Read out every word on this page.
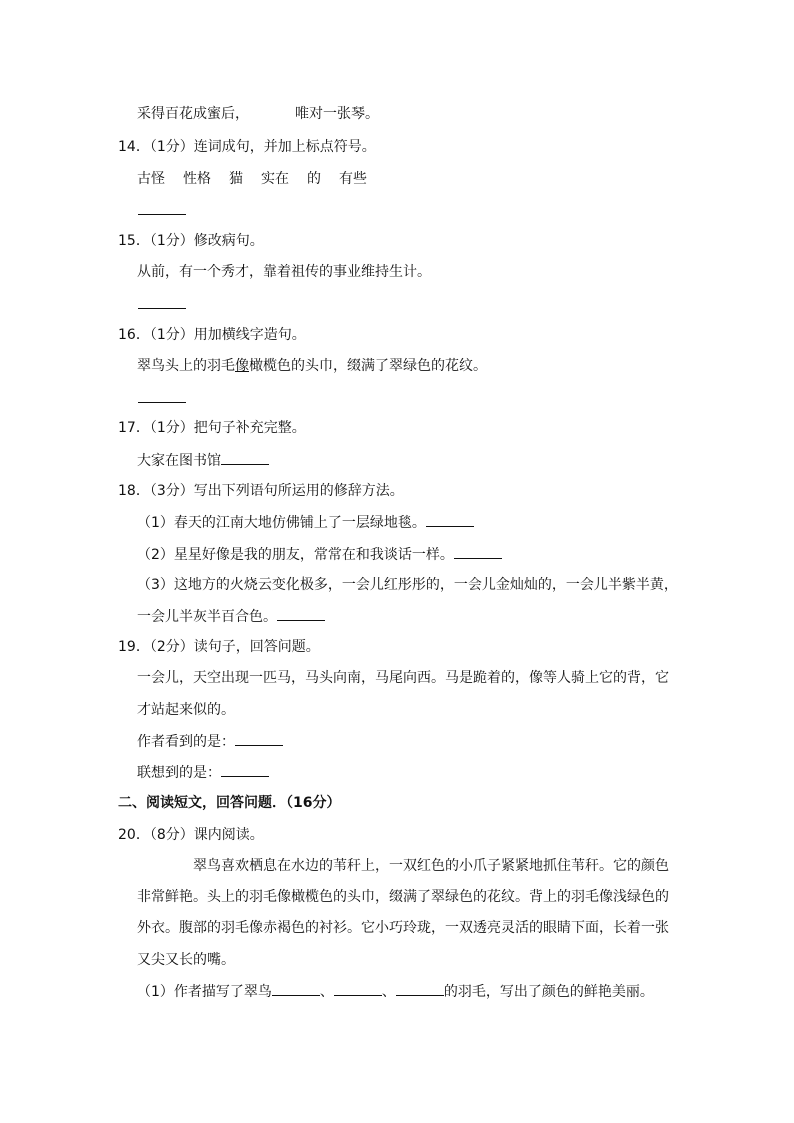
采得百花成蜜后，	唯对一张琴。
14．（1分）连词成句，并加上标点符号。
古怪 性格 猫 实在 的 有些
15．（1分）修改病句。
从前，有一个秀才，靠着祖传的事业维持生计。
16．（1分）用加横线字造句。
翠鸟头上的羽毛像橄榄色的头巾，缀满了翠绿色的花纹。
17．（1分）把句子补充完整。
大家在图书馆
18．（3分）写出下列语句所运用的修辞方法。
（1）春天的江南大地仿佛铺上了一层绿地毯。
（2）星星好像是我的朋友，常常在和我谈话一样。
（3）这地方的火烧云变化极多，一会儿红彤彤的，一会儿金灿灿的，一会儿半紫半黄，
一会儿半灰半百合色。
19．（2分）读句子，回答问题。
一会儿，天空出现一匹马，马头向南，马尾向西。马是跪着的，像等人骑上它的背，它
才站起来似的。
作者看到的是：
联想到的是：
二、阅读短文，回答问题．（16分）
20．（8分）课内阅读。
翠鸟喜欢栖息在水边的苇秆上，一双红色的小爪子紧紧地抓住苇秆。它的颜色
非常鲜艳。头上的羽毛像橄榄色的头巾，缀满了翠绿色的花纹。背上的羽毛像浅绿色的
外衣。腹部的羽毛像赤褐色的衬衫。它小巧玲珑，一双透亮灵活的眼睛下面，长着一张
又尖又长的嘴。
（1）作者描写了翠鸟	、	、	的羽毛，写出了颜色的鲜艳美丽。
